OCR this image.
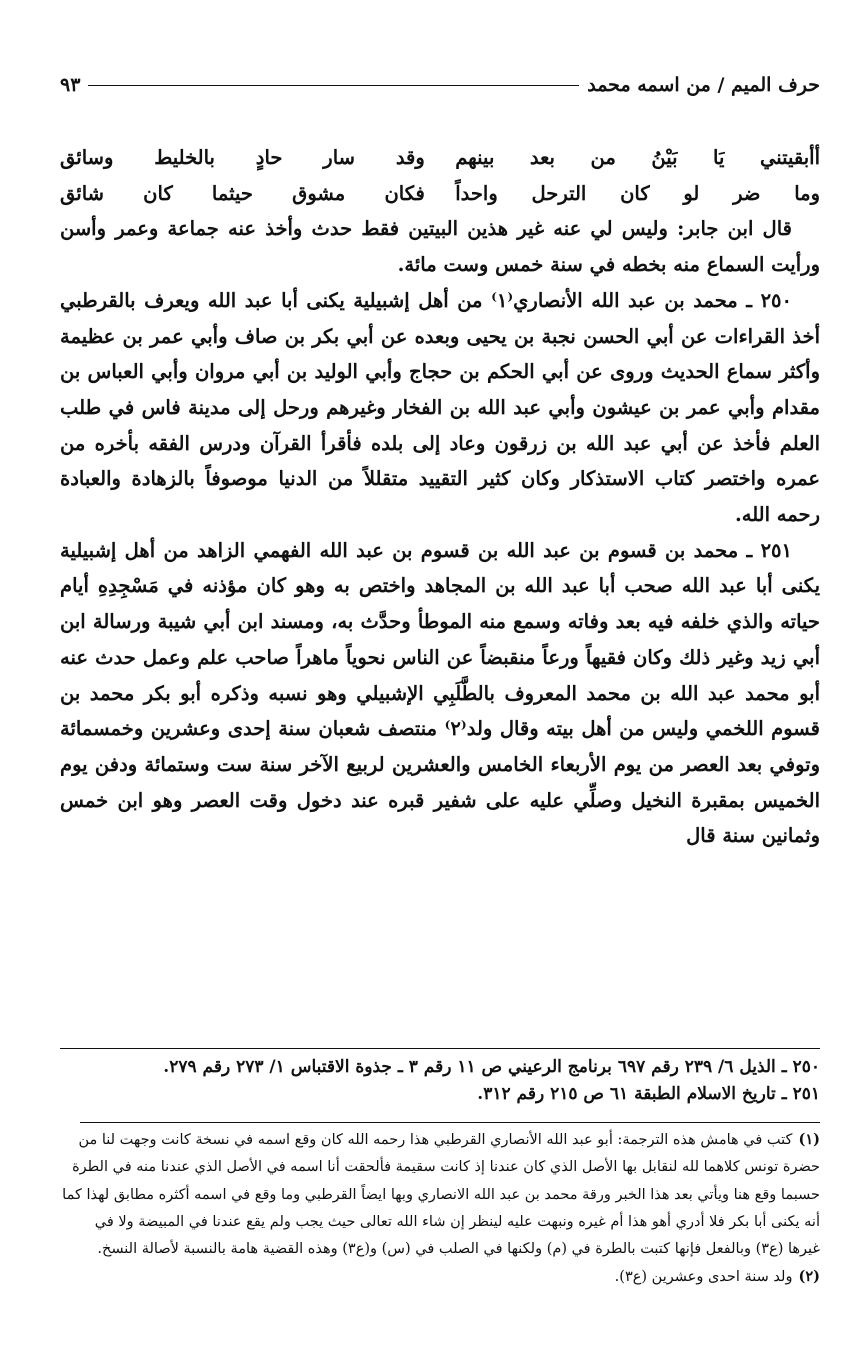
حرف الميم / من اسمه محمد
٩٣
أأبقيتني يَا بَيْنُ من بعد بينهم
وقد سار حادٍ بالخليط وسائق
وما ضر لو كان الترحل واحداً
فكان مشوق حيثما كان شائق

قال ابن جابر: وليس لي عنه غير هذين البيتين فقط حدث وأخذ عنه جماعة وعمر وأسن ورأيت السماع منه بخطه في سنة خمس وست مائة.

٢٥٠ ـ محمد بن عبد الله الأنصاري⁽١⁾ من أهل إشبيلية يكنى أبا عبد الله ويعرف بالقرطبي أخذ القراءات عن أبي الحسن نجبة بن يحيى وبعده عن أبي بكر بن صاف وأبي عمر بن عظيمة وأكثر سماع الحديث وروى عن أبي الحكم بن حجاج وأبي الوليد بن أبي مروان وأبي العباس بن مقدام وأبي عمر بن عيشون وأبي عبد الله بن الفخار وغيرهم ورحل إلى مدينة فاس في طلب العلم فأخذ عن أبي عبد الله بن زرقون وعاد إلى بلده فأقرأ القرآن ودرس الفقه بأخره من عمره واختصر كتاب الاستذكار وكان كثير التقييد متقللاً من الدنيا موصوفاً بالزهادة والعبادة رحمه الله.

٢٥١ ـ محمد بن قسوم بن عبد الله بن قسوم بن عبد الله الفهمي الزاهد من أهل إشبيلية يكنى أبا عبد الله صحب أبا عبد الله بن المجاهد واختص به وهو كان مؤذنه في مَسْجِدِهِ أيام حياته والذي خلفه فيه بعد وفاته وسمع منه الموطأ وحدَّث به، ومسند ابن أبي شيبة ورسالة ابن أبي زيد وغير ذلك وكان فقيهاً ورعاً منقبضاً عن الناس نحوياً ماهراً صاحب علم وعمل حدث عنه أبو محمد عبد الله بن محمد المعروف بالطَّلَبِي الإشبيلي وهو نسبه وذكره أبو بكر محمد بن قسوم اللخمي وليس من أهل بيته وقال ولد⁽٢⁾ منتصف شعبان سنة إحدى وعشرين وخمسمائة وتوفي بعد العصر من يوم الأربعاء الخامس والعشرين لربيع الآخر سنة ست وستمائة ودفن يوم الخميس بمقبرة النخيل وصلِّي عليه على شفير قبره عند دخول وقت العصر وهو ابن خمس وثمانين سنة قال

٢٥٠ ـ الذيل ٦/ ٢٣٩ رقم ٦٩٧ برنامج الرعيني ص ١١ رقم ٣ ـ جذوة الاقتباس ١/ ٢٧٣ رقم ٢٧٩.

٢٥١ ـ تاريخ الاسلام الطبقة ٦١ ص ٢١٥ رقم ٣١٢.

(١)كتب في هامش هذه الترجمة: أبو عبد الله الأنصاري القرطبي هذا رحمه الله كان وقع اسمه في نسخة كانت وجهت لنا من حضرة تونس كلاهما لله لنقابل بها الأصل الذي كان عندنا إذ كانت سقيمة فألحقت أنا اسمه في الأصل الذي عندنا منه في الطرة حسبما وقع هنا ويأتي بعد هذا الخبر ورقة محمد بن عبد الله الانصاري وبها ايضاً القرطبي وما وقع في اسمه أكثره مطابق لهذا كما أنه يكنى أبا بكر فلا أدري أهو هذا أم غيره ونبهت عليه لينظر إن شاء الله تعالى حيث يجب ولم يقع عندنا في المبيضة ولا في غيرها (ع٣) وبالفعل فإنها كتبت بالطرة في (م) ولكنها في الصلب في (س) و(ع٣) وهذه القضية هامة بالنسبة لأصالة النسخ.

(٢)ولد سنة احدى وعشرين (ع٣).
